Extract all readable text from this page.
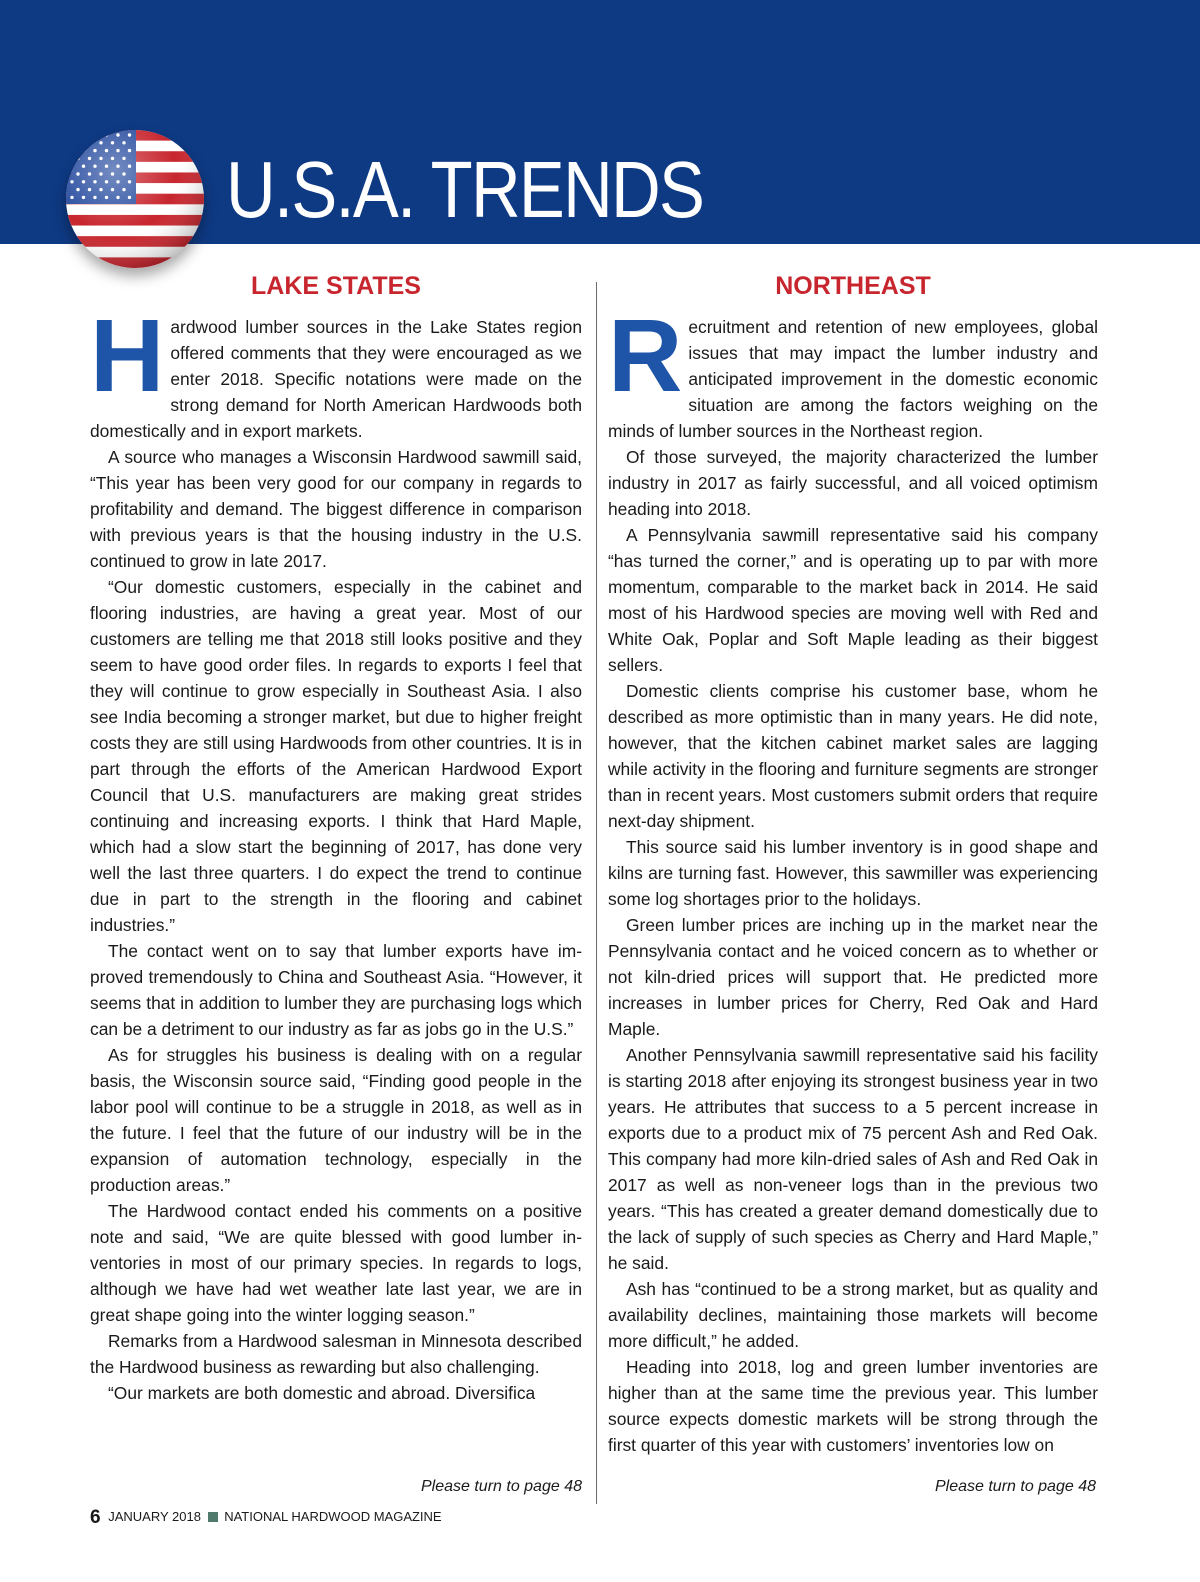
U.S.A. TRENDS
LAKE STATES

Hardwood lumber sources in the Lake States region offered comments that they were encouraged as we enter 2018. Specific notations were made on the strong demand for North American Hardwoods both domestically and in export markets.

A source who manages a Wisconsin Hardwood sawmill said, “This year has been very good for our company in regards to profitability and demand. The biggest difference in comparison with previous years is that the housing industry in the U.S. continued to grow in late 2017.

“Our domestic customers, especially in the cabinet and flooring industries, are having a great year. Most of our customers are telling me that 2018 still looks positive and they seem to have good order files. In regards to exports I feel that they will continue to grow especially in Southeast Asia. I also see India becoming a stronger market, but due to higher freight costs they are still using Hardwoods from other countries. It is in part through the efforts of the American Hardwood Export Council that U.S. manufacturers are making great strides continuing and increasing exports. I think that Hard Maple, which had a slow start the beginning of 2017, has done very well the last three quarters. I do expect the trend to continue due in part to the strength in the flooring and cabinet industries.”

The contact went on to say that lumber exports have improved tremendously to China and Southeast Asia. “However, it seems that in addition to lumber they are purchasing logs which can be a detriment to our industry as far as jobs go in the U.S.”

As for struggles his business is dealing with on a regular basis, the Wisconsin source said, “Finding good people in the labor pool will continue to be a struggle in 2018, as well as in the future. I feel that the future of our industry will be in the expansion of automation technology, especially in the production areas.”

The Hardwood contact ended his comments on a positive note and said, “We are quite blessed with good lumber inventories in most of our primary species. In regards to logs, although we have had wet weather late last year, we are in great shape going into the winter logging season.”

Remarks from a Hardwood salesman in Minnesota described the Hardwood business as rewarding but also challenging.

“Our markets are both domestic and abroad. Diversifica

NORTHEAST

Recruitment and retention of new employees, global issues that may impact the lumber industry and anticipated improvement in the domestic economic situation are among the factors weighing on the minds of lumber sources in the Northeast region.

Of those surveyed, the majority characterized the lumber industry in 2017 as fairly successful, and all voiced optimism heading into 2018.

A Pennsylvania sawmill representative said his company “has turned the corner,” and is operating up to par with more momentum, comparable to the market back in 2014. He said most of his Hardwood species are moving well with Red and White Oak, Poplar and Soft Maple leading as their biggest sellers.

Domestic clients comprise his customer base, whom he described as more optimistic than in many years. He did note, however, that the kitchen cabinet market sales are lagging while activity in the flooring and furniture segments are stronger than in recent years. Most customers submit orders that require next-day shipment.

This source said his lumber inventory is in good shape and kilns are turning fast. However, this sawmiller was experiencing some log shortages prior to the holidays.

Green lumber prices are inching up in the market near the Pennsylvania contact and he voiced concern as to whether or not kiln-dried prices will support that. He predicted more increases in lumber prices for Cherry, Red Oak and Hard Maple.

Another Pennsylvania sawmill representative said his facility is starting 2018 after enjoying its strongest business year in two years. He attributes that success to a 5 percent increase in exports due to a product mix of 75 percent Ash and Red Oak. This company had more kiln-dried sales of Ash and Red Oak in 2017 as well as non-veneer logs than in the previous two years. “This has created a greater demand domestically due to the lack of supply of such species as Cherry and Hard Maple,” he said.

Ash has “continued to be a strong market, but as quality and availability declines, maintaining those markets will become more difficult,” he added.

Heading into 2018, log and green lumber inventories are higher than at the same time the previous year. This lumber source expects domestic markets will be strong through the first quarter of this year with customers’ inventories low on

Please turn to page 48	Please turn to page 48
6 JANUARY 2018 NATIONAL HARDWOOD MAGAZINE
